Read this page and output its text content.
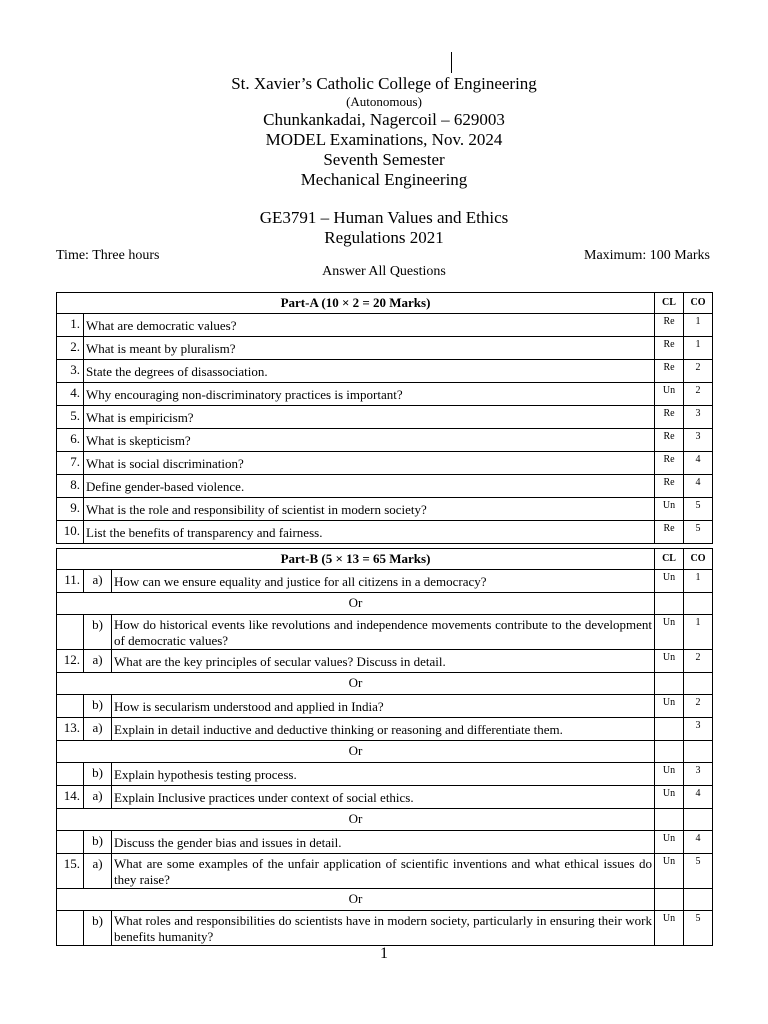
St. Xavier’s Catholic College of Engineering
(Autonomous)
Chunkankadai, Nagercoil – 629003
MODEL Examinations, Nov. 2024
Seventh Semester
Mechanical Engineering
GE3791 – Human Values and Ethics
Regulations 2021
Time: Three hours	Maximum: 100 Marks
Answer All Questions
Part-A (10 × 2 = 20 Marks)		CL	CO
1.	What are democratic values?	Re	1
2.	What is meant by pluralism?	Re	1
3.	State the degrees of disassociation.	Re	2
4.	Why encouraging non-discriminatory practices is important?	Un	2
5.	What is empiricism?	Re	3
6.	What is skepticism?	Re	3
7.	What is social discrimination?	Re	4
8.	Define gender-based violence.	Re	4
9.	What is the role and responsibility of scientist in modern society?	Un	5
10.	List the benefits of transparency and fairness.	Re	5
Part-B (5 × 13 = 65 Marks)			CL	CO
11.	a)	How can we ensure equality and justice for all citizens in a democracy?	Un	1
Or				
	b)	How do historical events like revolutions and independence movements contribute to the development of democratic values?	Un	1
12.	a)	What are the key principles of secular values? Discuss in detail.	Un	2
Or				
	b)	How is secularism understood and applied in India?	Un	2
13.	a)	Explain in detail inductive and deductive thinking or reasoning and differentiate them.		3
Or				
	b)	Explain hypothesis testing process.	Un	3
14.	a)	Explain Inclusive practices under context of social ethics.	Un	4
Or				
	b)	Discuss the gender bias and issues in detail.	Un	4
15.	a)	What are some examples of the unfair application of scientific inventions and what ethical issues do they raise?	Un	5
Or				
	b)	What roles and responsibilities do scientists have in modern society, particularly in ensuring their work benefits humanity?	Un	5
1
